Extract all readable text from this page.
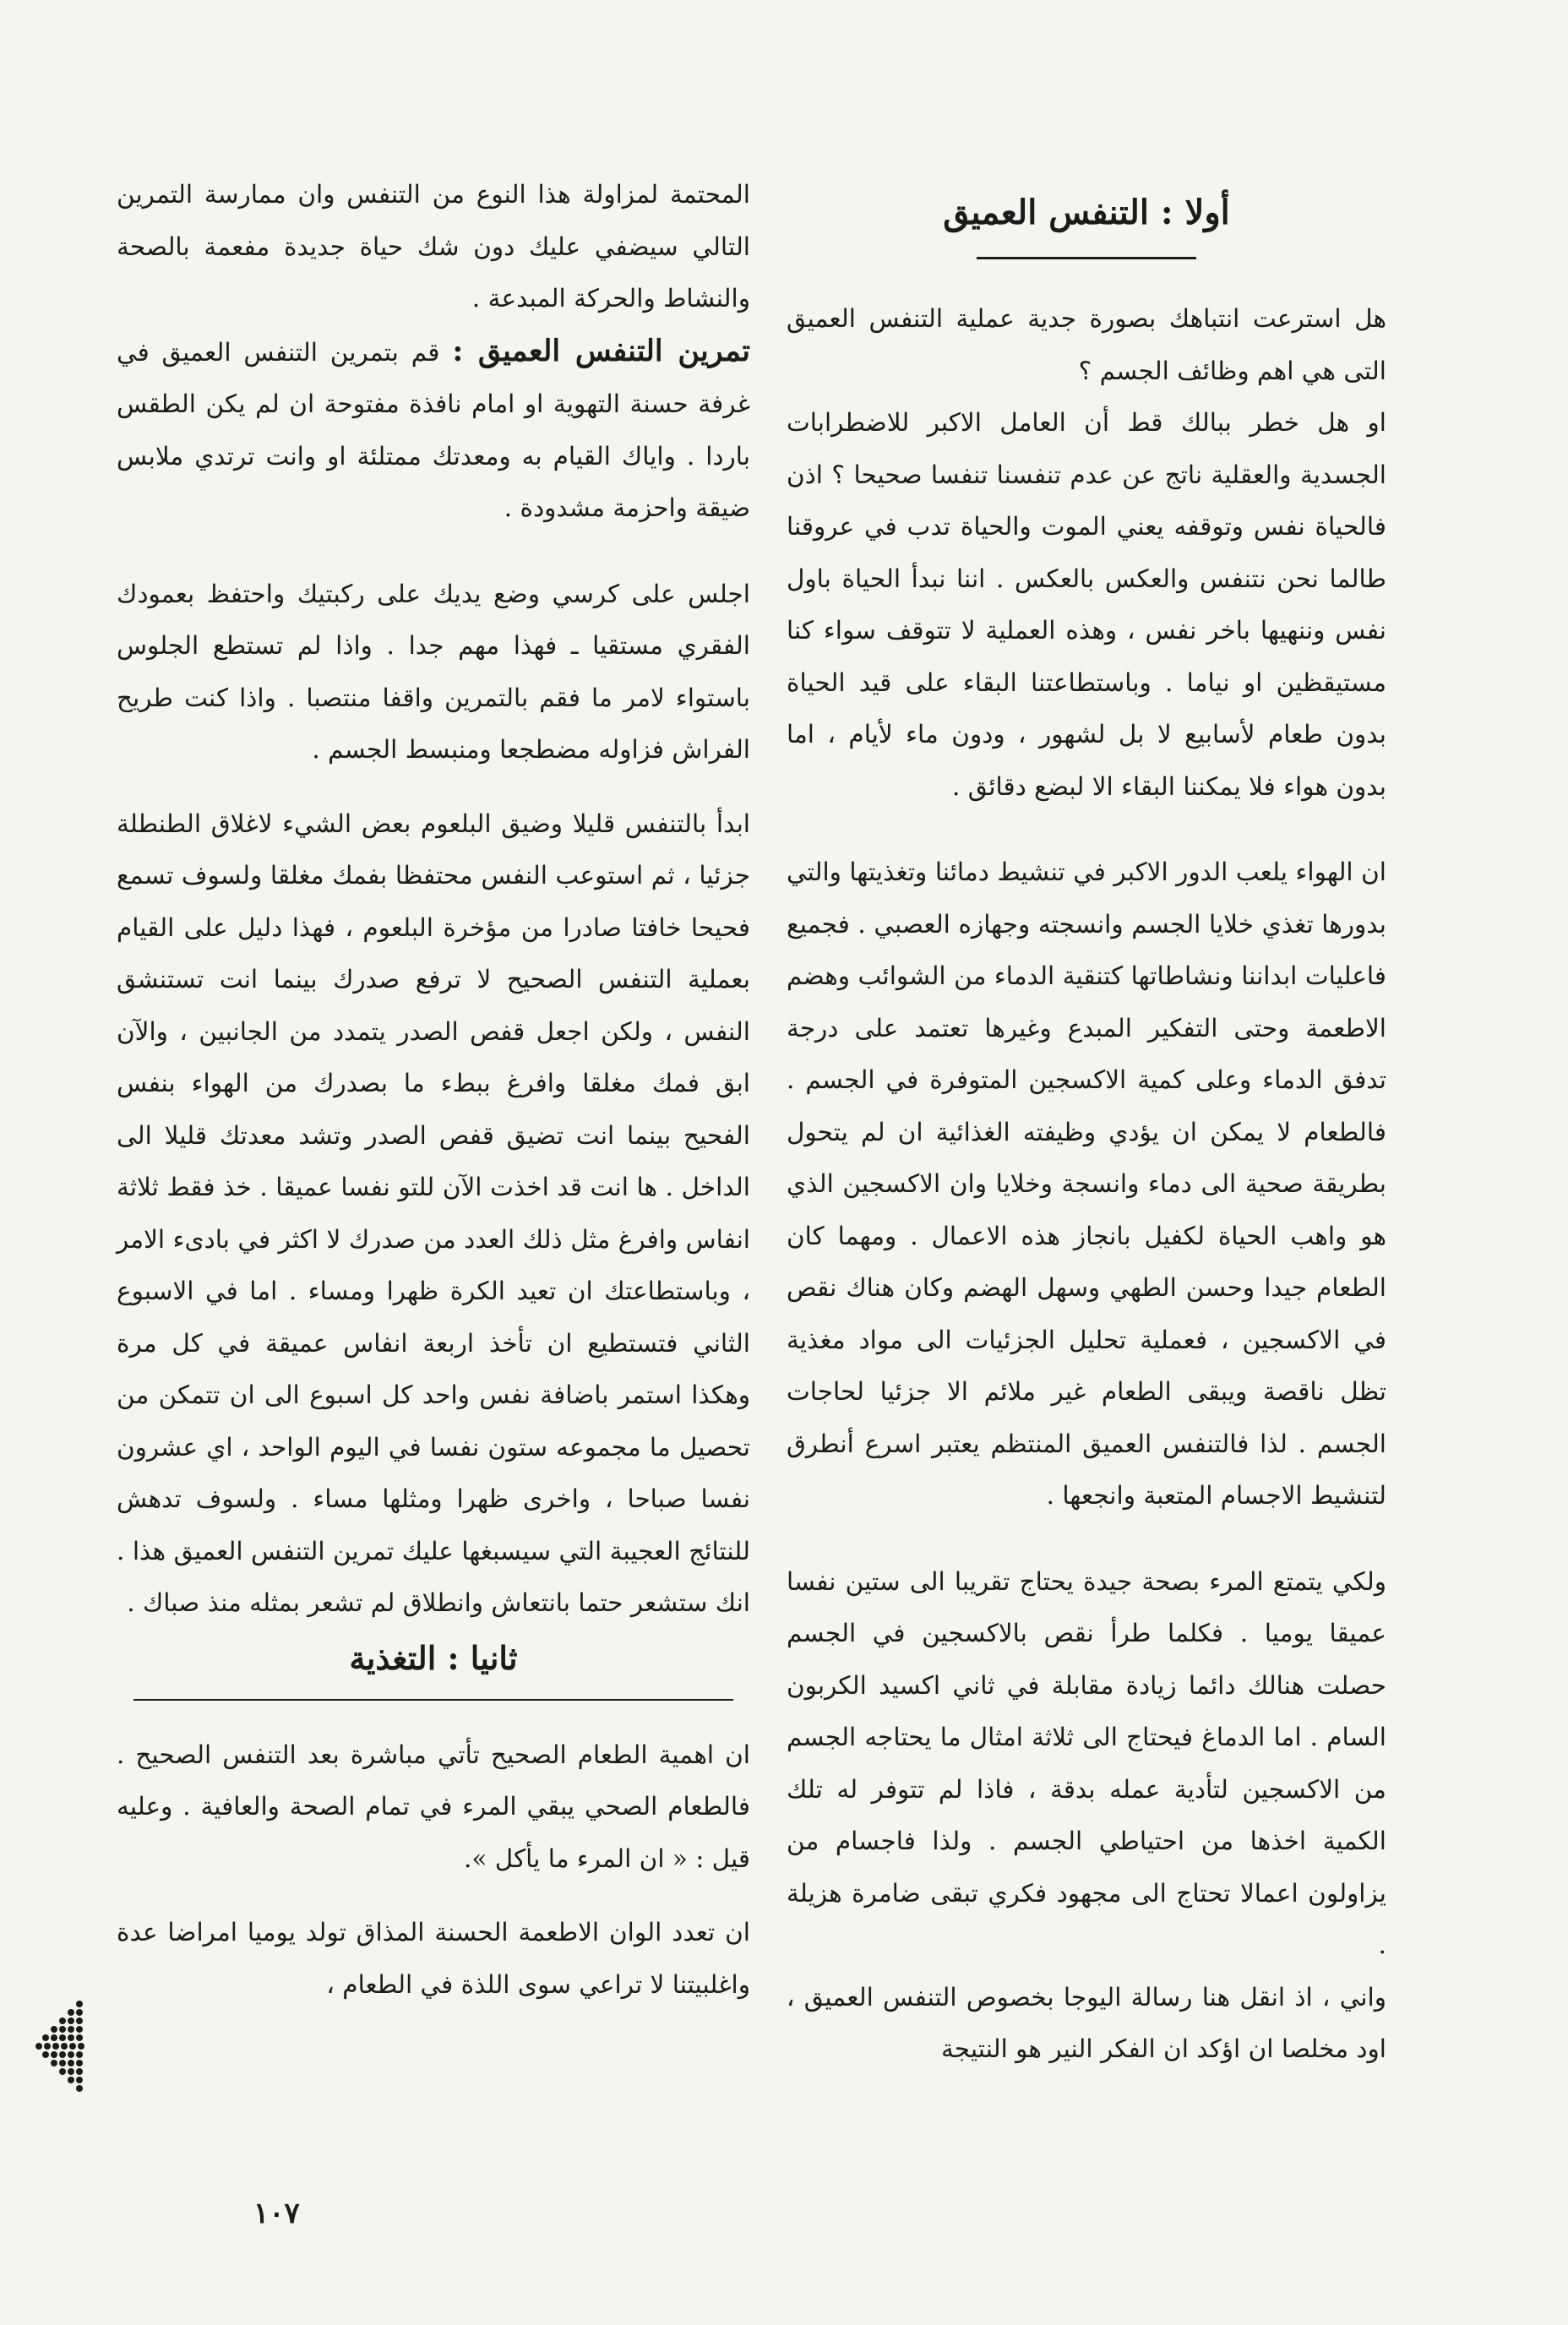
أولا : التنفس العميق

هل استرعت انتباهك بصورة جدية عملية التنفس العميق التى هي اهم وظائف الجسم ؟

او هل خطر ببالك قط أن العامل الاكبر للاضطرابات الجسدية والعقلية ناتج عن عدم تنفسنا تنفسا صحيحا ؟ اذن فالحياة نفس وتوقفه يعني الموت والحياة تدب في عروقنا طالما نحن نتنفس والعكس بالعكس . اننا نبدأ الحياة باول نفس وننهيها باخر نفس ، وهذه العملية لا تتوقف سواء كنا مستيقظين او نياما . وباستطاعتنا البقاء على قيد الحياة بدون طعام لأسابيع لا بل لشهور ، ودون ماء لأيام ، اما بدون هواء فلا يمكننا البقاء الا لبضع دقائق .

ان الهواء يلعب الدور الاكبر في تنشيط دمائنا وتغذيتها والتي بدورها تغذي خلايا الجسم وانسجته وجهازه العصبي . فجميع فاعليات ابداننا ونشاطاتها كتنقية الدماء من الشوائب وهضم الاطعمة وحتى التفكير المبدع وغيرها تعتمد على درجة تدفق الدماء وعلى كمية الاكسجين المتوفرة في الجسم . فالطعام لا يمكن ان يؤدي وظيفته الغذائية ان لم يتحول بطريقة صحية الى دماء وانسجة وخلايا وان الاكسجين الذي هو واهب الحياة لكفيل بانجاز هذه الاعمال . ومهما كان الطعام جيدا وحسن الطهي وسهل الهضم وكان هناك نقص في الاكسجين ، فعملية تحليل الجزئيات الى مواد مغذية تظل ناقصة ويبقى الطعام غير ملائم الا جزئيا لحاجات الجسم . لذا فالتنفس العميق المنتظم يعتبر اسرع أنطرق لتنشيط الاجسام المتعبة وانجعها .

ولكي يتمتع المرء بصحة جيدة يحتاج تقريبا الى ستين نفسا عميقا يوميا . فكلما طرأ نقص بالاكسجين في الجسم حصلت هنالك دائما زيادة مقابلة في ثاني اكسيد الكربون السام . اما الدماغ فيحتاج الى ثلاثة امثال ما يحتاجه الجسم من الاكسجين لتأدية عمله بدقة ، فاذا لم تتوفر له تلك الكمية اخذها من احتياطي الجسم . ولذا فاجسام من يزاولون اعمالا تحتاج الى مجهود فكري تبقى ضامرة هزيلة .

واني ، اذ انقل هنا رسالة اليوجا بخصوص التنفس العميق ، اود مخلصا ان اؤكد ان الفكر النير هو النتيجة

المحتمة لمزاولة هذا النوع من التنفس وان ممارسة التمرين التالي سيضفي عليك دون شك حياة جديدة مفعمة بالصحة والنشاط والحركة المبدعة .

تمرين التنفس العميق : قم بتمرين التنفس العميق في غرفة حسنة التهوية او امام نافذة مفتوحة ان لم يكن الطقس باردا . واياك القيام به ومعدتك ممتلئة او وانت ترتدي ملابس ضيقة واحزمة مشدودة .

اجلس على كرسي وضع يديك على ركبتيك واحتفظ بعمودك الفقري مستقيا ـ فهذا مهم جدا . واذا لم تستطع الجلوس باستواء لامر ما فقم بالتمرين واقفا منتصبا . واذا كنت طريح الفراش فزاوله مضطجعا ومنبسط الجسم .

ابدأ بالتنفس قليلا وضيق البلعوم بعض الشيء لاغلاق الطنطلة جزئيا ، ثم استوعب النفس محتفظا بفمك مغلقا ولسوف تسمع فحيحا خافتا صادرا من مؤخرة البلعوم ، فهذا دليل على القيام بعملية التنفس الصحيح لا ترفع صدرك بينما انت تستنشق النفس ، ولكن اجعل قفص الصدر يتمدد من الجانبين ، والآن ابق فمك مغلقا وافرغ ببطء ما بصدرك من الهواء بنفس الفحيح بينما انت تضيق قفص الصدر وتشد معدتك قليلا الى الداخل . ها انت قد اخذت الآن للتو نفسا عميقا . خذ فقط ثلاثة انفاس وافرغ مثل ذلك العدد من صدرك لا اكثر في بادىء الامر ، وباستطاعتك ان تعيد الكرة ظهرا ومساء . اما في الاسبوع الثاني فتستطيع ان تأخذ اربعة انفاس عميقة في كل مرة وهكذا استمر باضافة نفس واحد كل اسبوع الى ان تتمكن من تحصيل ما مجموعه ستون نفسا في اليوم الواحد ، اي عشرون نفسا صباحا ، واخرى ظهرا ومثلها مساء . ولسوف تدهش للنتائج العجيبة التي سيسبغها عليك تمرين التنفس العميق هذا . انك ستشعر حتما بانتعاش وانطلاق لم تشعر بمثله منذ صباك .

ثانيا : التغذية

ان اهمية الطعام الصحيح تأتي مباشرة بعد التنفس الصحيح . فالطعام الصحي يبقي المرء في تمام الصحة والعافية . وعليه قيل : « ان المرء ما يأكل ».

ان تعدد الوان الاطعمة الحسنة المذاق تولد يوميا امراضا عدة واغلبيتنا لا تراعي سوى اللذة في الطعام ،

١٠٧
